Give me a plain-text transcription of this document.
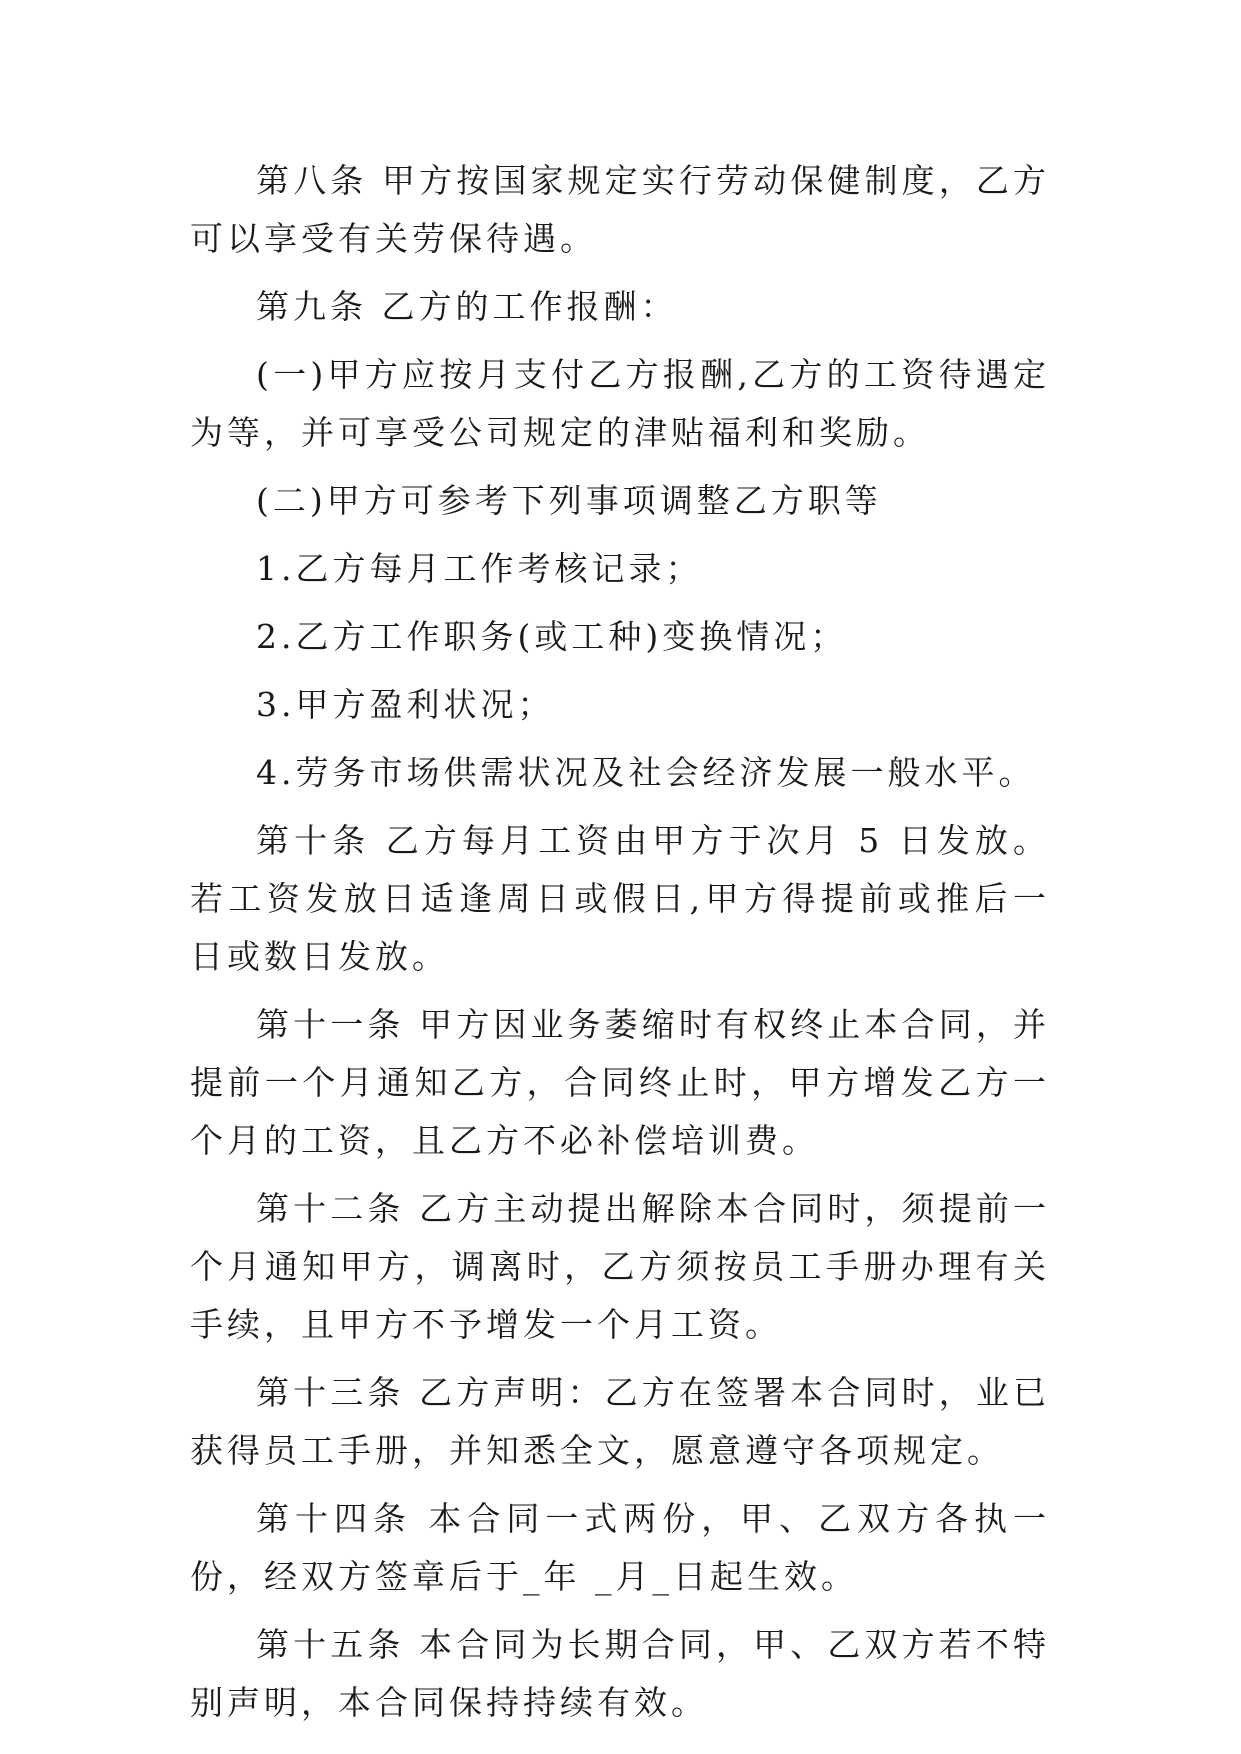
第八条 甲方按国家规定实行劳动保健制度，乙方可以享受有关劳保待遇。

第九条 乙方的工作报酬：

(一)甲方应按月支付乙方报酬,乙方的工资待遇定为等，并可享受公司规定的津贴福利和奖励。

(二)甲方可参考下列事项调整乙方职等

1.乙方每月工作考核记录；

2.乙方工作职务(或工种)变换情况；

3.甲方盈利状况；

4.劳务市场供需状况及社会经济发展一般水平。

第十条 乙方每月工资由甲方于次月 5 日发放。若工资发放日适逢周日或假日,甲方得提前或推后一日或数日发放。

第十一条 甲方因业务萎缩时有权终止本合同，并提前一个月通知乙方，合同终止时，甲方增发乙方一个月的工资，且乙方不必补偿培训费。

第十二条 乙方主动提出解除本合同时，须提前一个月通知甲方，调离时，乙方须按员工手册办理有关手续，且甲方不予增发一个月工资。

第十三条 乙方声明：乙方在签署本合同时，业已获得员工手册，并知悉全文，愿意遵守各项规定。

第十四条 本合同一式两份，甲、乙双方各执一份，经双方签章后于_年 _月_日起生效。

第十五条 本合同为长期合同，甲、乙双方若不特别声明，本合同保持持续有效。
